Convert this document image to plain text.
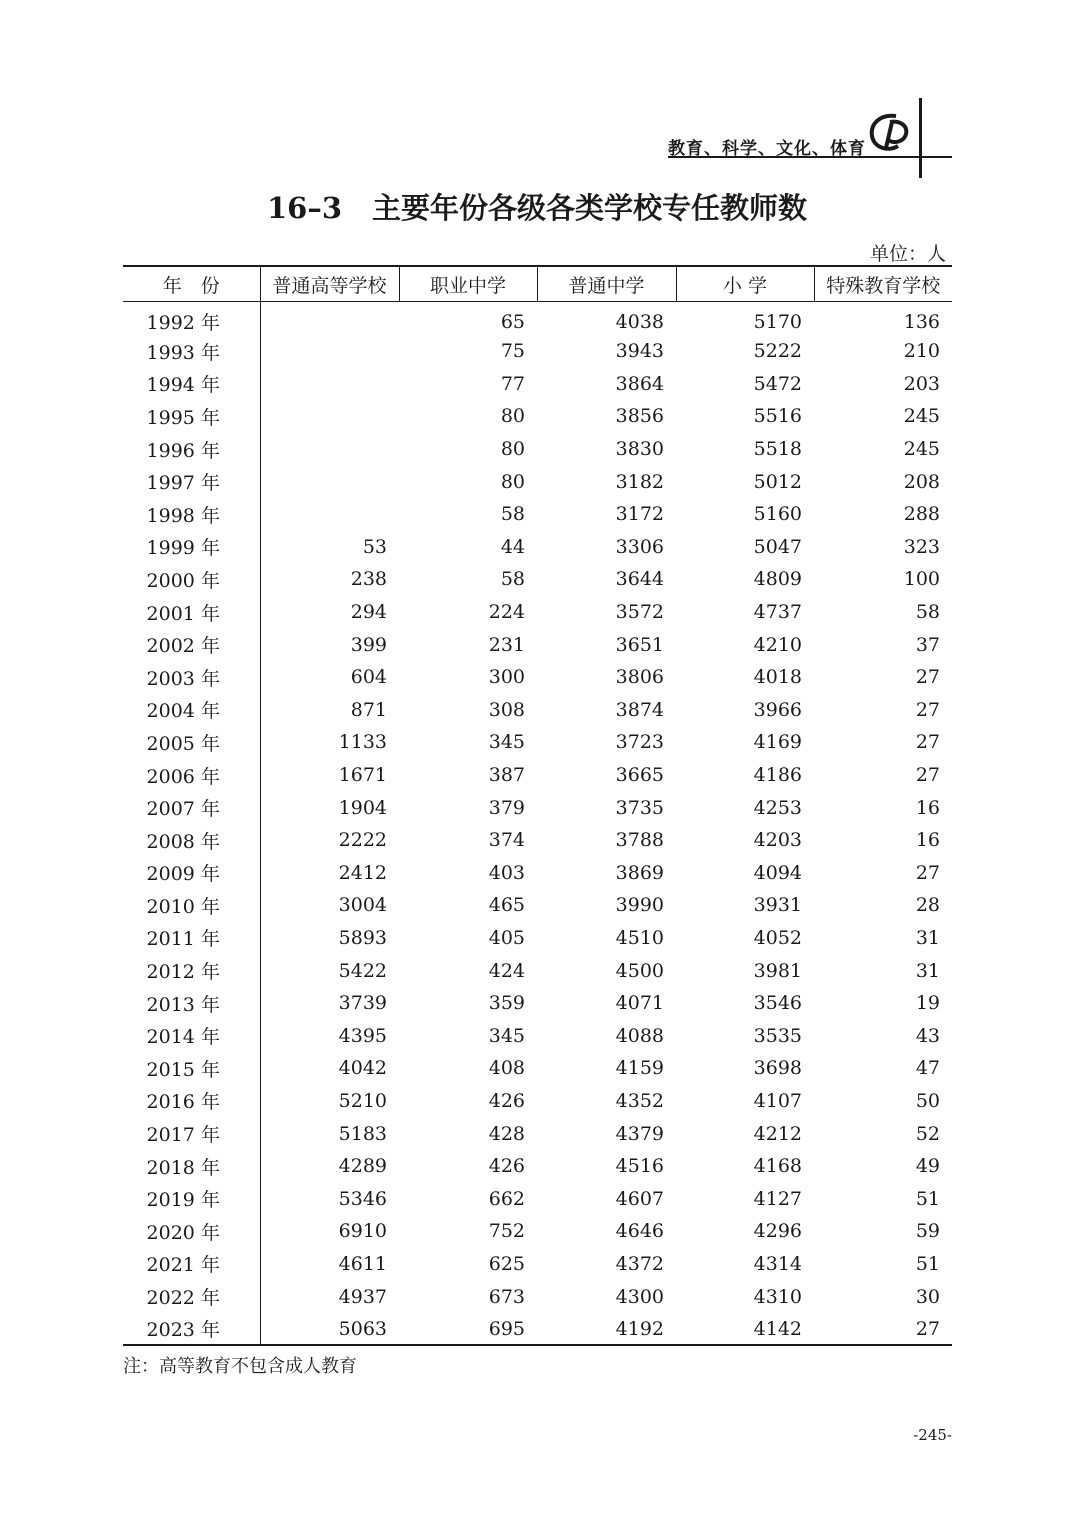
教育、科学、文化、体育
16–3 主要年份各级各类学校专任教师数
单位：人
年　份	普通高等学校	职业中学	普通中学	小 学	特殊教育学校
1992 年		65	4038	5170	136
1993 年		75	3943	5222	210
1994 年		77	3864	5472	203
1995 年		80	3856	5516	245
1996 年		80	3830	5518	245
1997 年		80	3182	5012	208
1998 年		58	3172	5160	288
1999 年	53	44	3306	5047	323
2000 年	238	58	3644	4809	100
2001 年	294	224	3572	4737	58
2002 年	399	231	3651	4210	37
2003 年	604	300	3806	4018	27
2004 年	871	308	3874	3966	27
2005 年	1133	345	3723	4169	27
2006 年	1671	387	3665	4186	27
2007 年	1904	379	3735	4253	16
2008 年	2222	374	3788	4203	16
2009 年	2412	403	3869	4094	27
2010 年	3004	465	3990	3931	28
2011 年	5893	405	4510	4052	31
2012 年	5422	424	4500	3981	31
2013 年	3739	359	4071	3546	19
2014 年	4395	345	4088	3535	43
2015 年	4042	408	4159	3698	47
2016 年	5210	426	4352	4107	50
2017 年	5183	428	4379	4212	52
2018 年	4289	426	4516	4168	49
2019 年	5346	662	4607	4127	51
2020 年	6910	752	4646	4296	59
2021 年	4611	625	4372	4314	51
2022 年	4937	673	4300	4310	30
2023 年	5063	695	4192	4142	27
注：高等教育不包含成人教育
-245-
